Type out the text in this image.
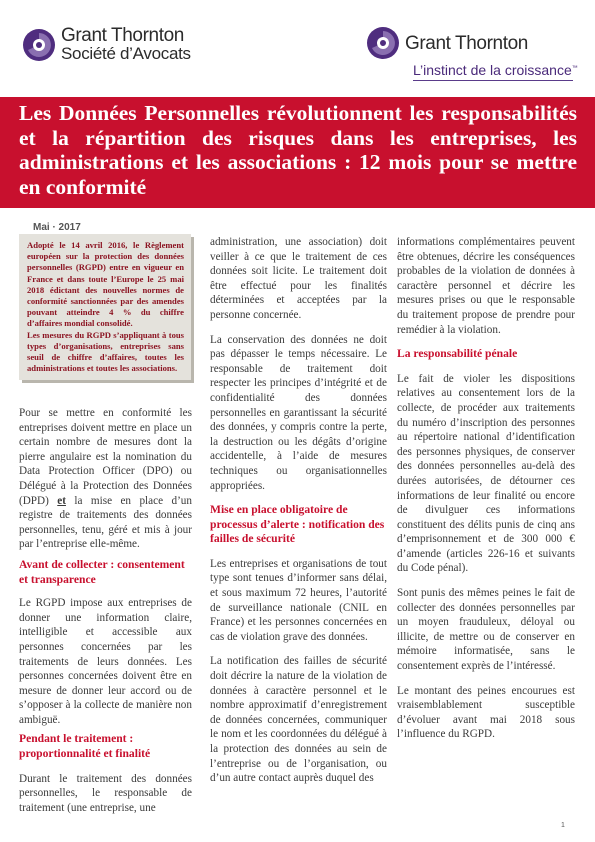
Grant Thornton
Société d’Avocats	Grant Thornton
L’instinct de la croissance™
Les Données Personnelles révolutionnent les responsabilités et la répartition des risques dans les entreprises, les administrations et les associations : 12 mois pour se mettre en conformité
Mai · 2017

Adopté le 14 avril 2016, le Règlement européen sur la protection des données personnelles (RGPD) entre en vigueur en France et dans toute l’Europe le 25 mai 2018 édictant des nouvelles normes de conformité sanctionnées par des amendes pouvant atteindre 4 % du chiffre d’affaires mondial consolidé.
Les mesures du RGPD s’appliquant à tous types d’organisations, entreprises sans seuil de chiffre d’affaires, toutes les administrations et toutes les associations.

Pour se mettre en conformité les entreprises doivent mettre en place un certain nombre de mesures dont la pierre angulaire est la nomination du Data Protection Officer (DPO) ou Délégué à la Protection des Données (DPD) et la mise en place d’un registre de traitements des données personnelles, tenu, géré et mis à jour par l’entreprise elle-même.

Avant de collecter : consentement et transparence

Le RGPD impose aux entreprises de donner une information claire, intelligible et accessible aux personnes concernées par les traitements de leurs données. Les personnes concernées doivent être en mesure de donner leur accord ou de s’opposer à la collecte de manière non ambiguë.

Pendant le traitement : proportionnalité et finalité

Durant le traitement des données personnelles, le responsable de traitement (une entreprise, une

administration, une association) doit veiller à ce que le traitement de ces données soit licite. Le traitement doit être effectué pour les finalités déterminées et acceptées par la personne concernée.

La conservation des données ne doit pas dépasser le temps nécessaire. Le responsable de traitement doit respecter les principes d’intégrité et de confidentialité des données personnelles en garantissant la sécurité des données, y compris contre la perte, la destruction ou les dégâts d’origine accidentelle, à l’aide de mesures techniques ou organisationnelles appropriées.

Mise en place obligatoire de processus d’alerte : notification des failles de sécurité

Les entreprises et organisations de tout type sont tenues d’informer sans délai, et sous maximum 72 heures, l’autorité de surveillance nationale (CNIL en France) et les personnes concernées en cas de violation grave des données.

La notification des failles de sécurité doit décrire la nature de la violation de données à caractère personnel et le nombre approximatif d’enregistrement de données concernées, communiquer le nom et les coordonnées du délégué à la protection des données au sein de l’entreprise ou de l’organisation, ou d’un autre contact auprès duquel des

informations complémentaires peuvent être obtenues, décrire les conséquences probables de la violation de données à caractère personnel et décrire les mesures prises ou que le responsable du traitement propose de prendre pour remédier à la violation.

La responsabilité pénale

Le fait de violer les dispositions relatives au consentement lors de la collecte, de procéder aux traitements du numéro d’inscription des personnes au répertoire national d’identification des personnes physiques, de conserver des données personnelles au-delà des durées autorisées, de détourner ces informations de leur finalité ou encore de divulguer ces informations constituent des délits punis de cinq ans d’emprisonnement et de 300 000 € d’amende (articles 226-16 et suivants du Code pénal).

Sont punis des mêmes peines le fait de collecter des données personnelles par un moyen frauduleux, déloyal ou illicite, de mettre ou de conserver en mémoire informatisée, sans le consentement exprès de l’intéressé.

Le montant des peines encourues est vraisemblablement susceptible d’évoluer avant mai 2018 sous l’influence du RGPD.

1
